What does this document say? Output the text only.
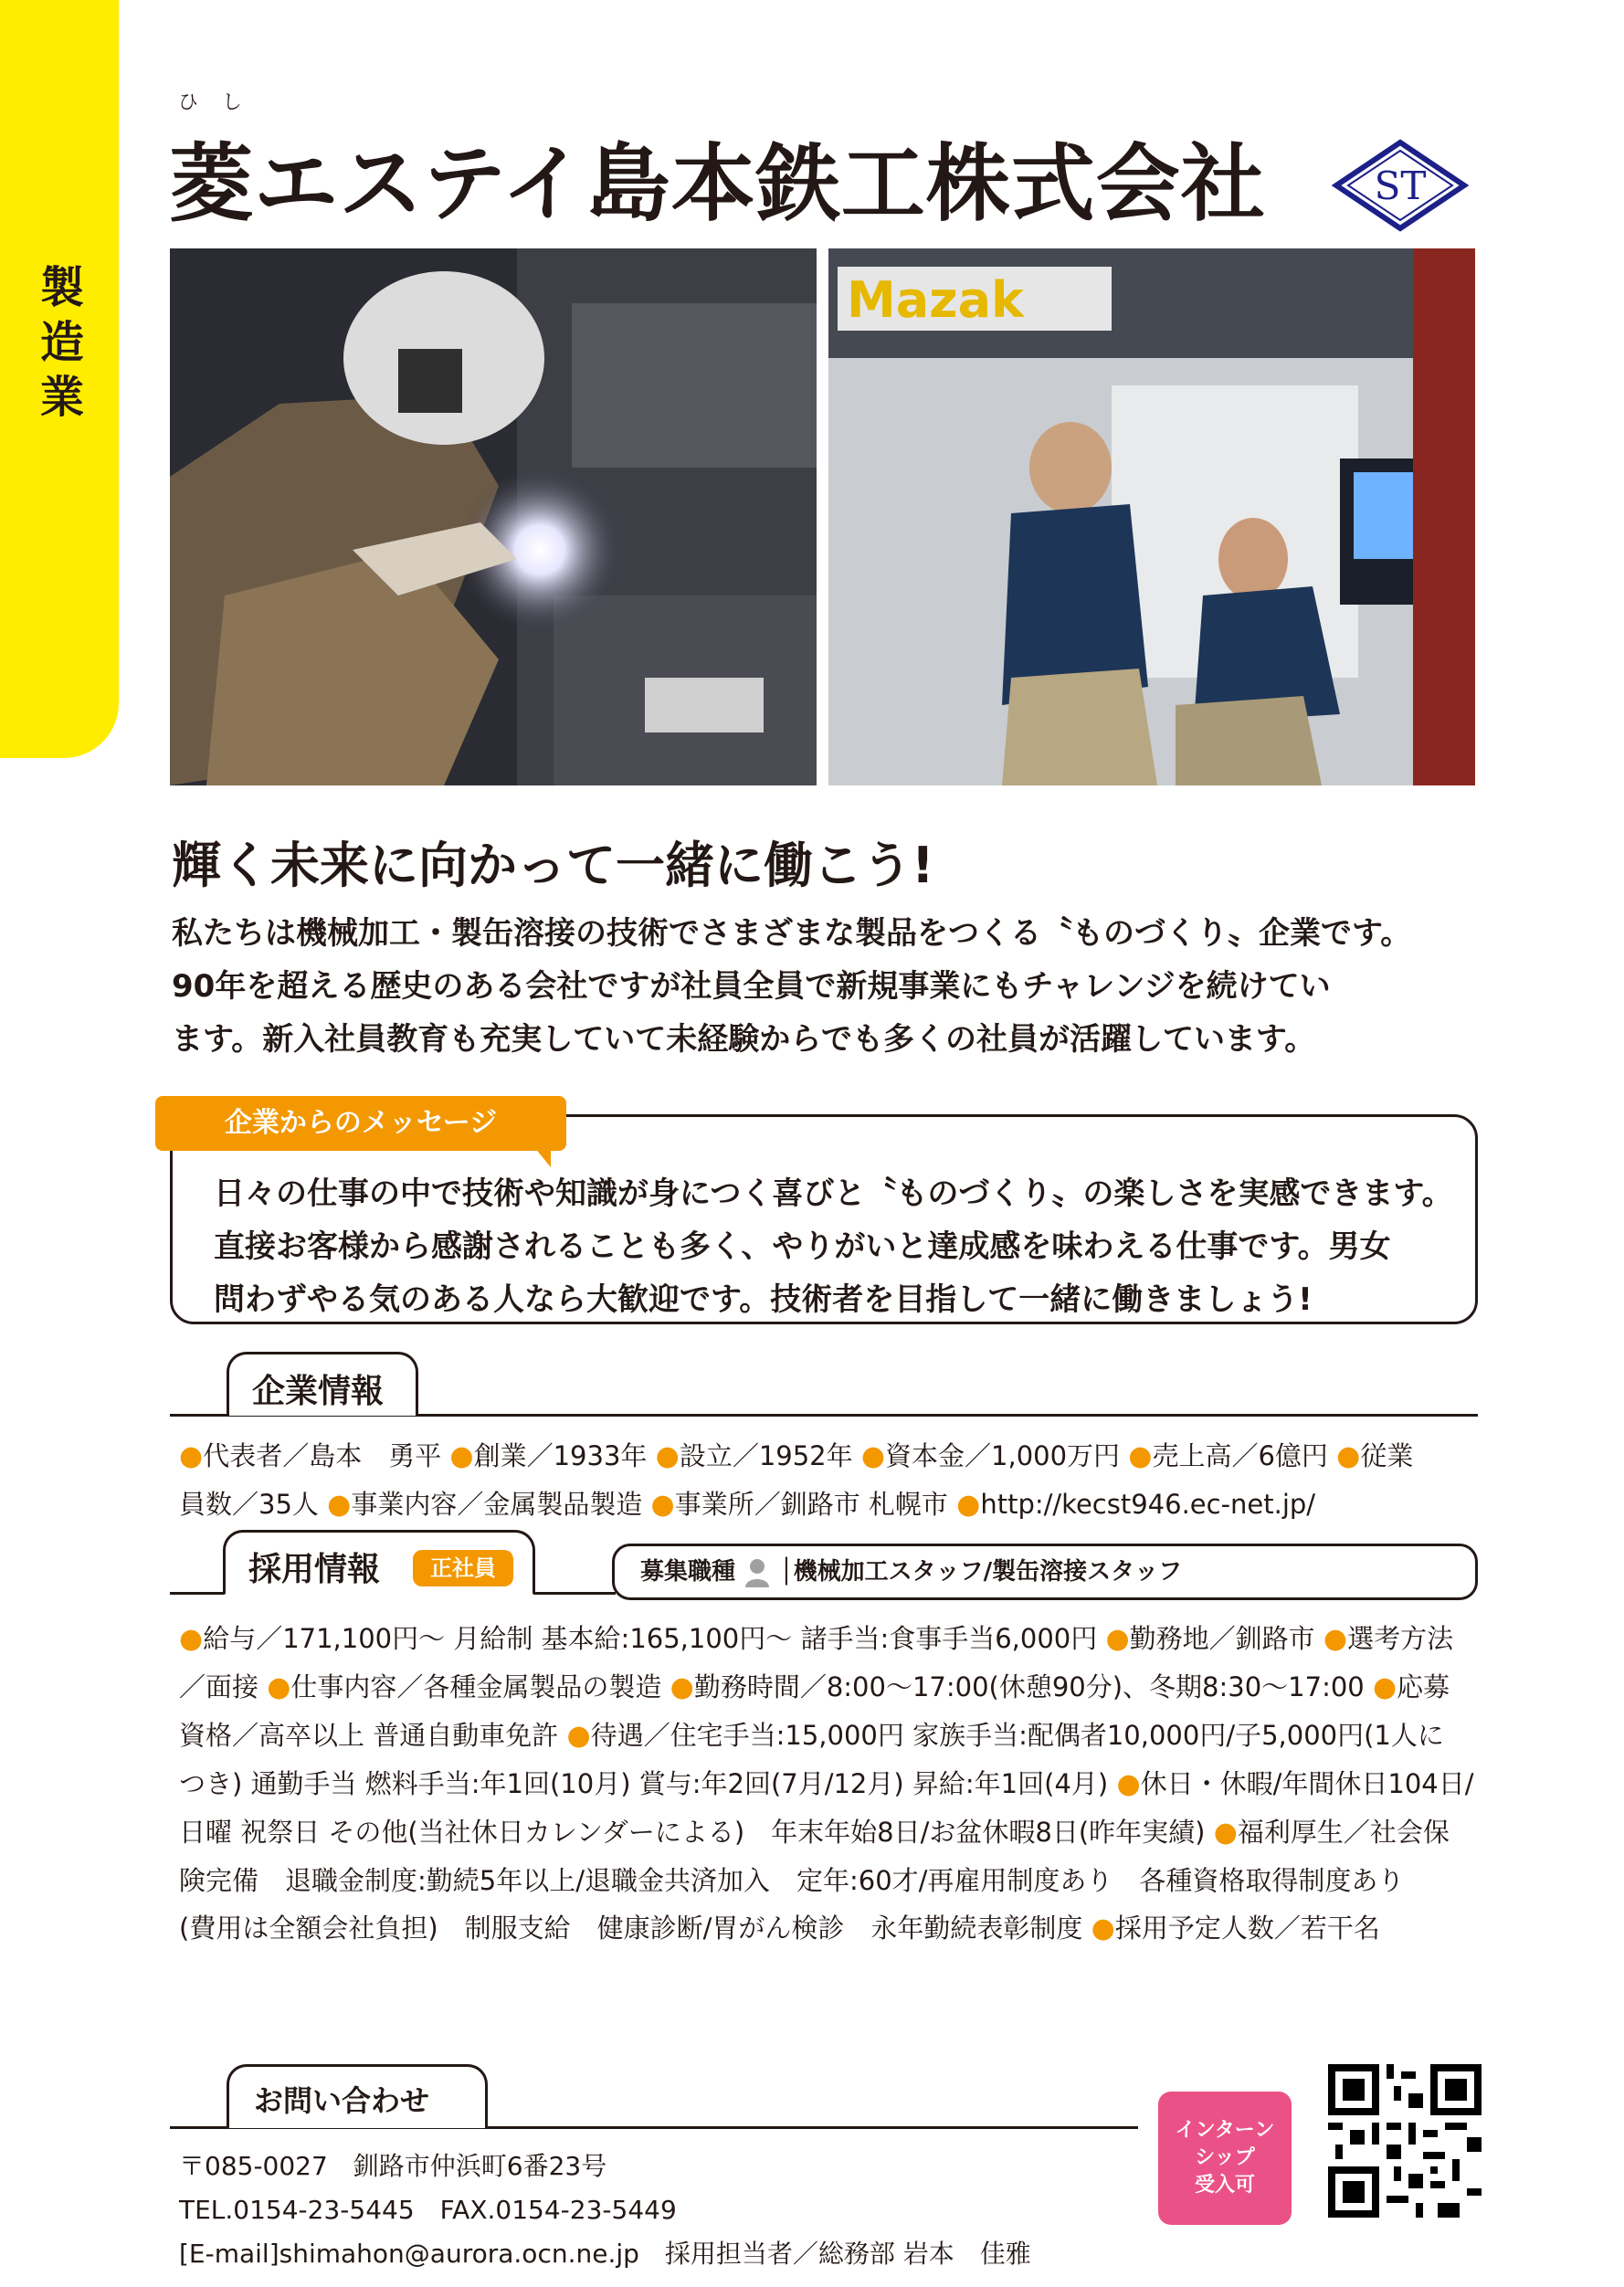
製
造
業
ひし
菱エステイ島本鉄工株式会社	ST
Mazak
輝く未来に向かって一緒に働こう!

私たちは機械加工・製缶溶接の技術でさまざまな製品をつくる〝ものづくり〟企業です。

90年を超える歴史のある会社ですが社員全員で新規事業にもチャレンジを続けてい

ます。新入社員教育も充実していて未経験からでも多くの社員が活躍しています。

企業からのメッセージ

日々の仕事の中で技術や知識が身につく喜びと〝ものづくり〟の楽しさを実感できます。

直接お客様から感謝されることも多く、やりがいと達成感を味わえる仕事です。男女

問わずやる気のある人なら大歓迎です。技術者を目指して一緒に働きましょう!

企業情報

●代表者／島本　勇平 ●創業／1933年 ●設立／1952年 ●資本金／1,000万円 ●売上高／6億円 ●従業

員数／35人 ●事業内容／金属製品製造 ●事業所／釧路市 札幌市 ●http://kecst946.ec-net.jp/

採用情報	正社員	募集職種 │機械加工スタッフ/製缶溶接スタッフ

●給与／171,100円〜 月給制 基本給:165,100円〜 諸手当:食事手当6,000円 ●勤務地／釧路市 ●選考方法

／面接 ●仕事内容／各種金属製品の製造 ●勤務時間／8:00〜17:00(休憩90分)、冬期8:30〜17:00 ●応募

資格／高卒以上 普通自動車免許 ●待遇／住宅手当:15,000円 家族手当:配偶者10,000円/子5,000円(1人に

つき) 通勤手当 燃料手当:年1回(10月) 賞与:年2回(7月/12月) 昇給:年1回(4月) ●休日・休暇/年間休日104日/

日曜 祝祭日 その他(当社休日カレンダーによる)　年末年始8日/お盆休暇8日(昨年実績) ●福利厚生／社会保

険完備　退職金制度:勤続5年以上/退職金共済加入　定年:60才/再雇用制度あり　各種資格取得制度あり

(費用は全額会社負担)　制服支給　健康診断/胃がん検診　永年勤続表彰制度 ●採用予定人数／若干名

お問い合わせ

〒085-0027　釧路市仲浜町6番23号

TEL.0154-23-5445　FAX.0154-23-5449

[E-mail]shimahon@aurora.ocn.ne.jp　採用担当者／総務部 岩本　佳雅

インターン
シップ
受入可
